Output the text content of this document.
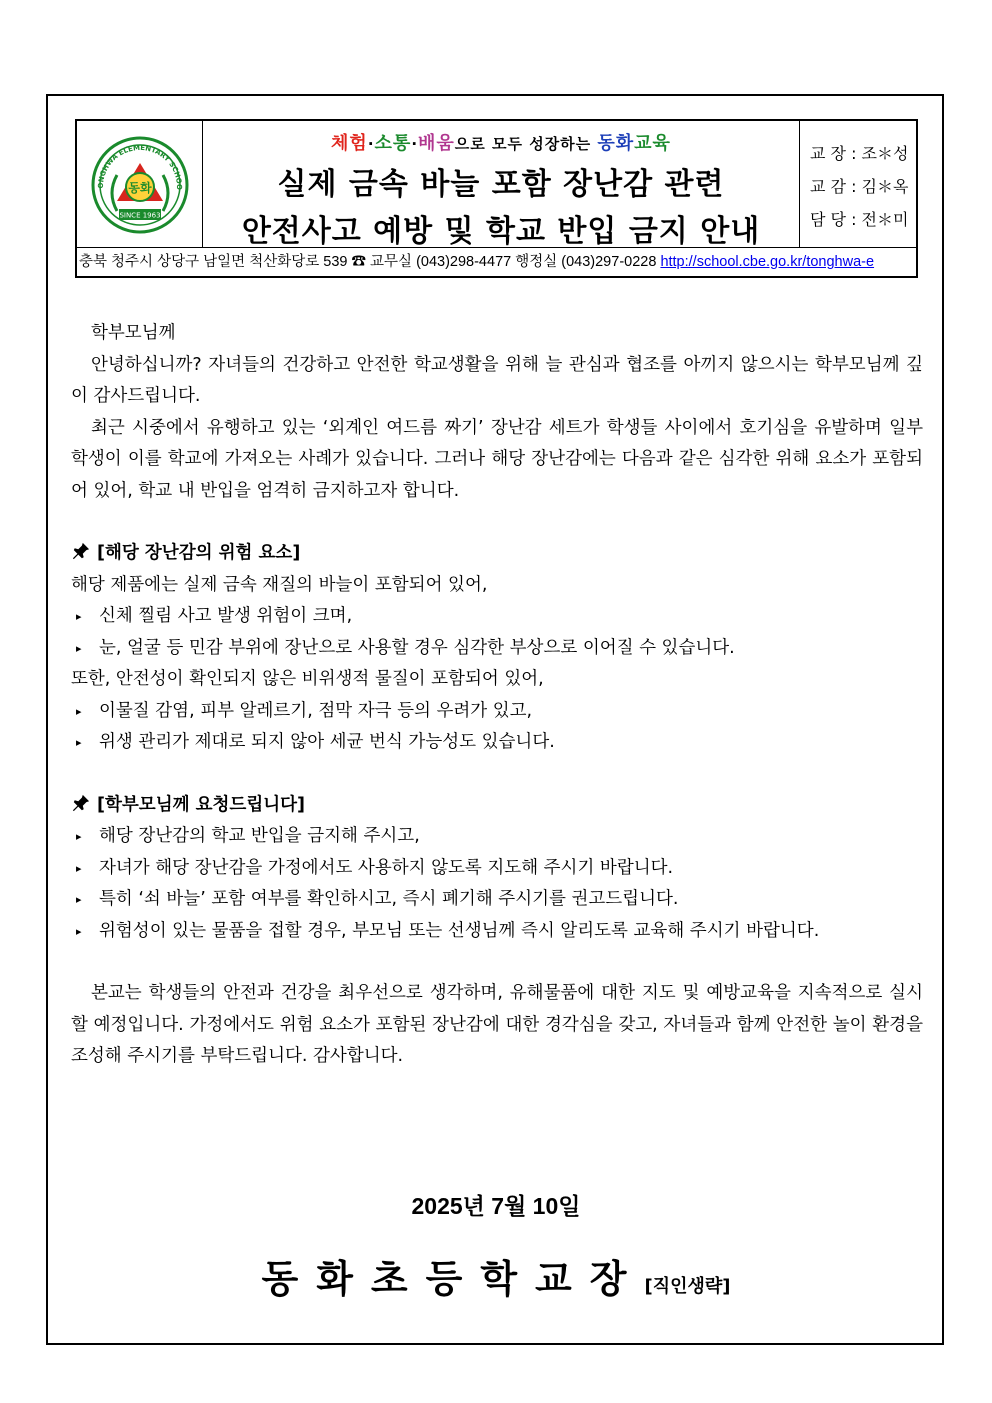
ONGHWA ELEMENTARY SCHOO
동화
SINCE 1963
체험·소통·배움으로 모두 성장하는 동화교육
실제 금속 바늘 포함 장난감 관련
안전사고 예방 및 학교 반입 금지 안내

교 장 : 조＊성

교 감 : 김＊옥

담 당 : 전＊미

충북 청주시 상당구 남일면 척산화당로 539 ☎ 교무실 (043)298-4477 행정실 (043)297-0228 http://school.cbe.go.kr/tonghwa-e

학부모님께

안녕하십니까? 자녀들의 건강하고 안전한 학교생활을 위해 늘 관심과 협조를 아끼지 않으시는 학부모님께 깊이 감사드립니다.

최근 시중에서 유행하고 있는 ‘외계인 여드름 짜기’ 장난감 세트가 학생들 사이에서 호기심을 유발하며 일부 학생이 이를 학교에 가져오는 사례가 있습니다. 그러나 해당 장난감에는 다음과 같은 심각한 위해 요소가 포함되어 있어, 학교 내 반입을 엄격히 금지하고자 합니다.

[해당 장난감의 위험 요소]

해당 제품에는 실제 금속 재질의 바늘이 포함되어 있어,

▸ 신체 찔림 사고 발생 위험이 크며,

▸ 눈, 얼굴 등 민감 부위에 장난으로 사용할 경우 심각한 부상으로 이어질 수 있습니다.

또한, 안전성이 확인되지 않은 비위생적 물질이 포함되어 있어,

▸ 이물질 감염, 피부 알레르기, 점막 자극 등의 우려가 있고,

▸ 위생 관리가 제대로 되지 않아 세균 번식 가능성도 있습니다.

[학부모님께 요청드립니다]

▸ 해당 장난감의 학교 반입을 금지해 주시고,

▸ 자녀가 해당 장난감을 가정에서도 사용하지 않도록 지도해 주시기 바랍니다.

▸ 특히 ‘쇠 바늘’ 포함 여부를 확인하시고, 즉시 폐기해 주시기를 권고드립니다.

▸ 위험성이 있는 물품을 접할 경우, 부모님 또는 선생님께 즉시 알리도록 교육해 주시기 바랍니다.

본교는 학생들의 안전과 건강을 최우선으로 생각하며, 유해물품에 대한 지도 및 예방교육을 지속적으로 실시할 예정입니다. 가정에서도 위험 요소가 포함된 장난감에 대한 경각심을 갖고, 자녀들과 함께 안전한 놀이 환경을 조성해 주시기를 부탁드립니다. 감사합니다.

2025년 7월 10일
동화초등학교장[직인생략]
